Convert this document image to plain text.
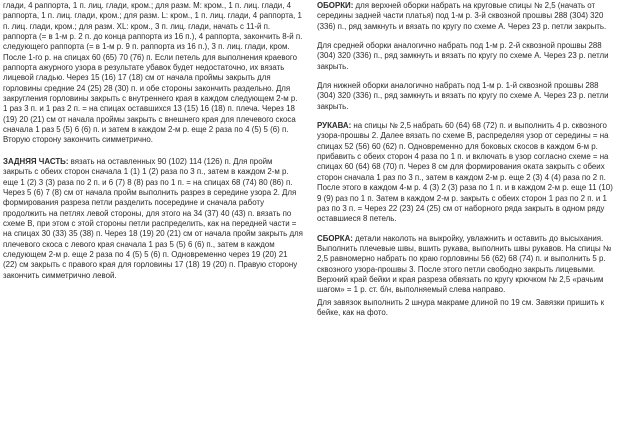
глади, 4 раппорта, 1 п. лиц. глади, кром.; для разм. M: кром., 1 п. лиц. глади, 4 раппорта, 1 п. лиц. глади, кром.; для разм. L: кром., 1 п. лиц. глади, 4 раппорта, 1 п. лиц. глади, кром.; для разм. XL: кром., 3 п. лиц. глади, начать с 11-й п. раппорта (= в 1-м р. 2 п. до конца раппорта из 16 п.), 4 раппорта, закончить 8-й п. следующего раппорта (= в 1-м р. 9 п. раппорта из 16 п.), 3 п. лиц. глади, кром. После 1-го р. на спицах 60 (65) 70 (76) п. Если петель для выполнения краевого раппорта ажурного узора в результате убавок будет недостаточно, их вязать лицевой гладью. Через 15 (16) 17 (18) см от начала проймы закрыть для горловины средние 24 (25) 28 (30) п. и обе стороны закончить раздельно. Для закругления горловины закрыть с внутреннего края в каждом следующем 2-м р. 1 раз 3 п. и 1 раз 2 п. = на спицах оставшихся 13 (15) 16 (18) п. плеча. Через 18 (19) 20 (21) см от начала проймы закрыть с внешнего края для плечевого скоса сначала 1 раз 5 (5) 6 (6) п. и затем в каждом 2-м р. еще 2 раза по 4 (5) 5 (6) п. Вторую сторону закончить симметрично.

ЗАДНЯЯ ЧАСТЬ: вязать на оставленных 90 (102) 114 (126) п. Для пройм закрыть с обеих сторон сначала 1 (1) 1 (2) раза по 3 п., затем в каждом 2-м р. еще 1 (2) 3 (3) раза по 2 п. и 6 (7) 8 (8) раз по 1 п. = на спицах 68 (74) 80 (86) п. Через 5 (6) 7 (8) см от начала пройм выполнить разрез в середине узора 2. Для формирования разреза петли разделить посередине и сначала работу продолжить на петлях левой стороны, для этого на 34 (37) 40 (43) п. вязать по схеме В, при этом с этой стороны петли распределить, как на передней части = на спицах 30 (33) 35 (38) п. Через 18 (19) 20 (21) см от начала пройм закрыть для плечевого скоса с левого края сначала 1 раз 5 (5) 6 (6) п., затем в каждом следующем 2-м р. еще 2 раза по 4 (5) 5 (6) п. Одновременно через 19 (20) 21 (22) см закрыть с правого края для горловины 17 (18) 19 (20) п. Правую сторону закончить симметрично левой.

ОБОРКИ: для верхней оборки набрать на круговые спицы № 2,5 (начать от середины задней части платья) под 1-м р. 3-й сквозной прошвы 288 (304) 320 (336) п., ряд замкнуть и вязать по кругу по схеме А. Через 23 р. петли закрыть.

Для средней оборки аналогично набрать под 1-м р. 2-й сквозной прошвы 288 (304) 320 (336) п., ряд замкнуть и вязать по кругу по схеме А. Через 23 р. петли закрыть.

Для нижней оборки аналогично набрать под 1-м р. 1-й сквозной прошвы 288 (304) 320 (336) п., ряд замкнуть и вязать по кругу по схеме А. Через 23 р. петли закрыть.

РУКАВА: на спицы № 2,5 набрать 60 (64) 68 (72) п. и выполнить 4 р. сквозного узора-прошвы 2. Далее вязать по схеме В, распределяя узор от середины = на спицах 52 (56) 60 (62) п. Одновременно для боковых скосов в каждом 6-м р. прибавить с обеих сторон 4 раза по 1 п. и включать в узор согласно схеме = на спицах 60 (64) 68 (70) п. Через 8 см для формирования оката закрыть с обеих сторон сначала 1 раз по 3 п., затем в каждом 2-м р. еще 2 (3) 4 (4) раза по 2 п. После этого в каждом 4-м р. 4 (3) 2 (3) раза по 1 п. и в каждом 2-м р. еще 11 (10) 9 (9) раз по 1 п. Затем в каждом 2-м р. закрыть с обеих сторон 1 раз по 2 п. и 1 раз по 3 п. = Через 22 (23) 24 (25) см от наборного ряда закрыть в одном ряду оставшиеся 8 петель.

СБОРКА: детали наколоть на выкройку, увлажнить и оставить до высыхания. Выполнить плечевые швы, вшить рукава, выполнить швы рукавов. На спицы № 2,5 равномерно набрать по краю горловины 56 (62) 68 (74) п. и выполнить 5 р. сквозного узора-прошвы 3. После этого петли свободно закрыть лицевыми. Верхний край бейки и края разреза обвязать по кругу крючком № 2,5 «рачьим шагом» = 1 р. ст. б/н, выполняемый слева направо.

Для завязок выполнить 2 шнура макраме длиной по 19 см. Завязки пришить к бейке, как на фото.
